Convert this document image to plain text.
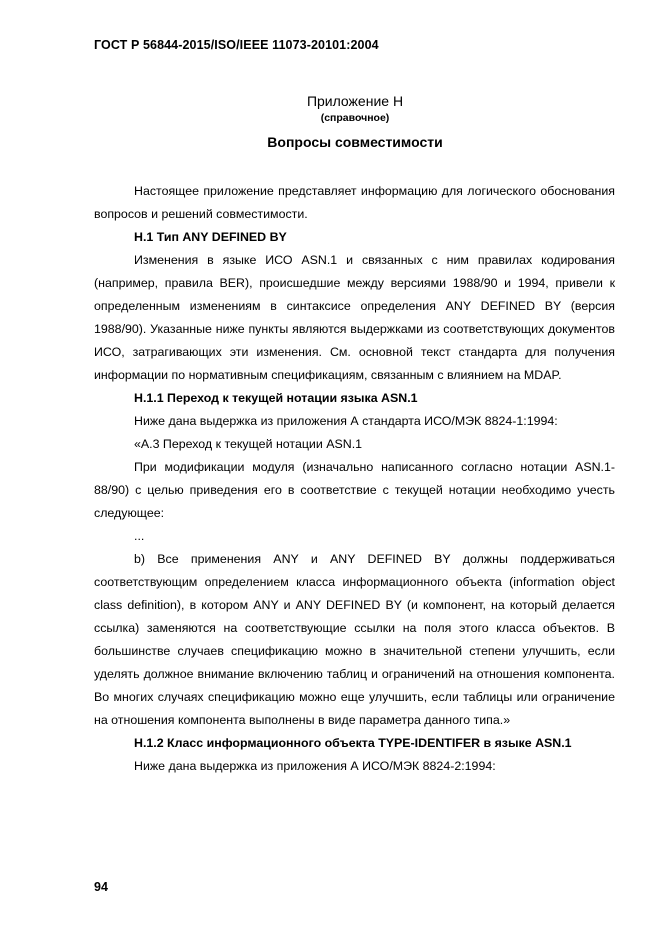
ГОСТ Р 56844-2015/ISO/IEEE 11073-20101:2004
Приложение Н
(справочное)
Вопросы совместимости

Настоящее приложение представляет информацию для логического обоснования вопросов и решений совместимости.

Н.1 Тип ANY DEFINED BY

Изменения в языке ИСО ASN.1 и связанных с ним правилах кодирования (например, правила BER), происшедшие между версиями 1988/90 и 1994, привели к определенным изменениям в синтаксисе определения ANY DEFINED BY (версия 1988/90). Указанные ниже пункты являются выдержками из соответствующих документов ИСО, затрагивающих эти изменения. См. основной текст стандарта для получения информации по нормативным спецификациям, связанным с влиянием на MDAP.

Н.1.1 Переход к текущей нотации языка ASN.1

Ниже дана выдержка из приложения А стандарта ИСО/МЭК 8824-1:1994:

«А.3 Переход к текущей нотации ASN.1

При модификации модуля (изначально написанного согласно нотации ASN.1-88/90) с целью приведения его в соответствие с текущей нотации необходимо учесть следующее:

...

b) Все применения ANY и ANY DEFINED BY должны поддерживаться соответствующим определением класса информационного объекта (information object class definition), в котором ANY и ANY DEFINED BY (и компонент, на который делается ссылка) заменяются на соответствующие ссылки на поля этого класса объектов. В большинстве случаев спецификацию можно в значительной степени улучшить, если уделять должное внимание включению таблиц и ограничений на отношения компонента. Во многих случаях спецификацию можно еще улучшить, если таблицы или ограничение на отношения компонента выполнены в виде параметра данного типа.»

Н.1.2 Класс информационного объекта TYPE-IDENTIFER в языке ASN.1

Ниже дана выдержка из приложения А ИСО/МЭК 8824-2:1994:

94
